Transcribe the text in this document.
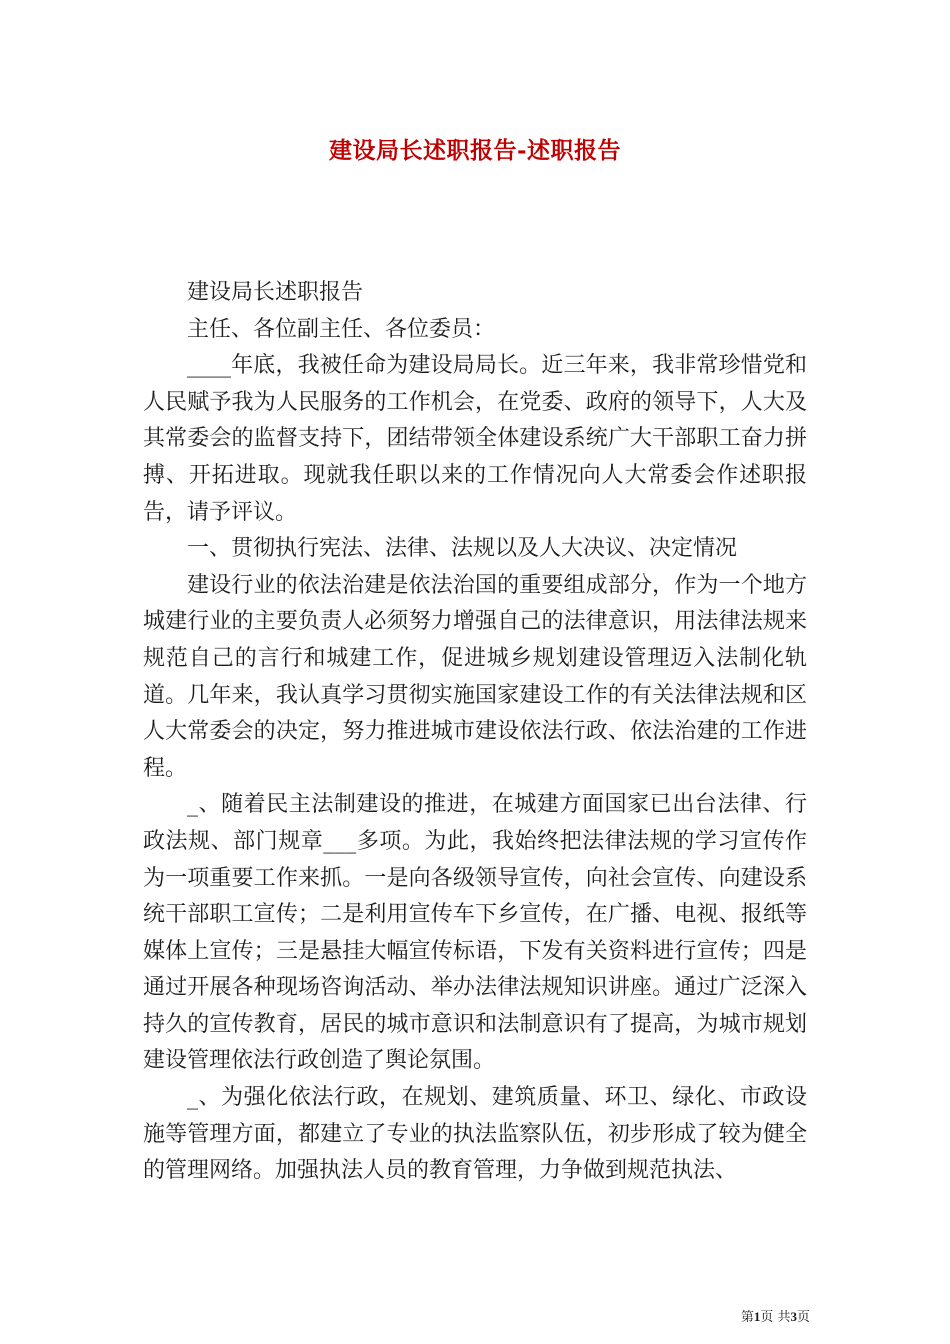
建设局长述职报告-述职报告

建设局长述职报告

主任、各位副主任、各位委员：

____年底，我被任命为建设局局长。近三年来，我非常珍惜党和人民赋予我为人民服务的工作机会，在党委、政府的领导下，人大及其常委会的监督支持下，团结带领全体建设系统广大干部职工奋力拼搏、开拓进取。现就我任职以来的工作情况向人大常委会作述职报告，请予评议。

一、贯彻执行宪法、法律、法规以及人大决议、决定情况

建设行业的依法治建是依法治国的重要组成部分，作为一个地方城建行业的主要负责人必须努力增强自己的法律意识，用法律法规来规范自己的言行和城建工作，促进城乡规划建设管理迈入法制化轨道。几年来，我认真学习贯彻实施国家建设工作的有关法律法规和区人大常委会的决定，努力推进城市建设依法行政、依法治建的工作进程。

_、随着民主法制建设的推进，在城建方面国家已出台法律、行政法规、部门规章___多项。为此，我始终把法律法规的学习宣传作为一项重要工作来抓。一是向各级领导宣传，向社会宣传、向建设系统干部职工宣传；二是利用宣传车下乡宣传，在广播、电视、报纸等媒体上宣传；三是悬挂大幅宣传标语，下发有关资料进行宣传；四是通过开展各种现场咨询活动、举办法律法规知识讲座。通过广泛深入持久的宣传教育，居民的城市意识和法制意识有了提高，为城市规划建设管理依法行政创造了舆论氛围。

_、为强化依法行政，在规划、建筑质量、环卫、绿化、市政设施等管理方面，都建立了专业的执法监察队伍，初步形成了较为健全的管理网络。加强执法人员的教育管理，力争做到规范执法、

第1页 共3页
